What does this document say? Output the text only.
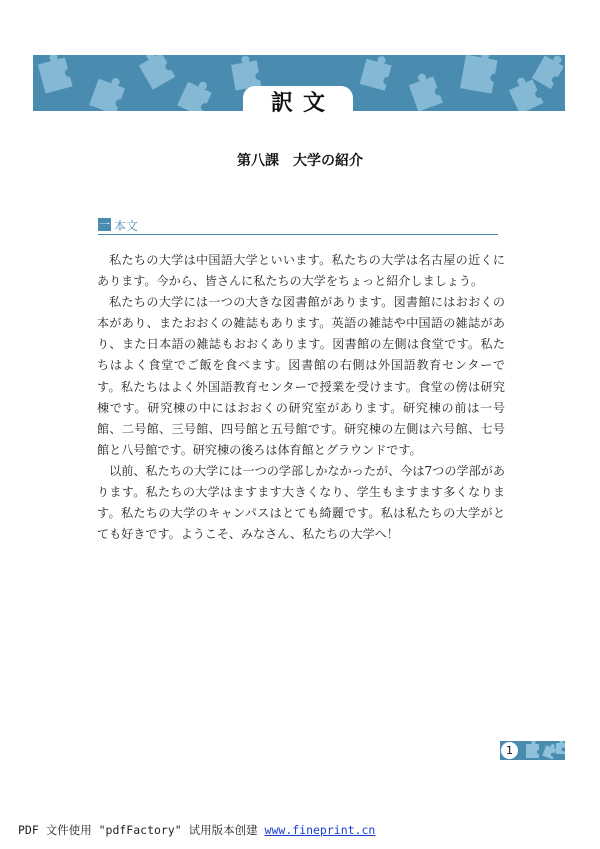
訳文
第八課　大学の紹介
一 本文

私たちの大学は中国語大学といいます。私たちの大学は名古屋の近くにあります。今から、皆さんに私たちの大学をちょっと紹介しましょう。

私たちの大学には一つの大きな図書館があります。図書館にはおおくの本があり、またおおくの雑誌もあります。英語の雑誌や中国語の雑誌があり、また日本語の雑誌もおおくあります。図書館の左側は食堂です。私たちはよく食堂でご飯を食べます。図書館の右側は外国語教育センターです。私たちはよく外国語教育センターで授業を受けます。食堂の傍は研究棟です。研究棟の中にはおおくの研究室があります。研究棟の前は一号館、二号館、三号館、四号館と五号館です。研究棟の左側は六号館、七号館と八号館です。研究棟の後ろは体育館とグラウンドです。

以前、私たちの大学には一つの学部しかなかったが、今は7つの学部があります。私たちの大学はますます大きくなり、学生もますます多くなります。私たちの大学のキャンパスはとても綺麗です。私は私たちの大学がとても好きです。ようこそ、みなさん、私たちの大学へ！

1
PDF 文件使用 "pdfFactory" 试用版本创建 www.fineprint.cn
